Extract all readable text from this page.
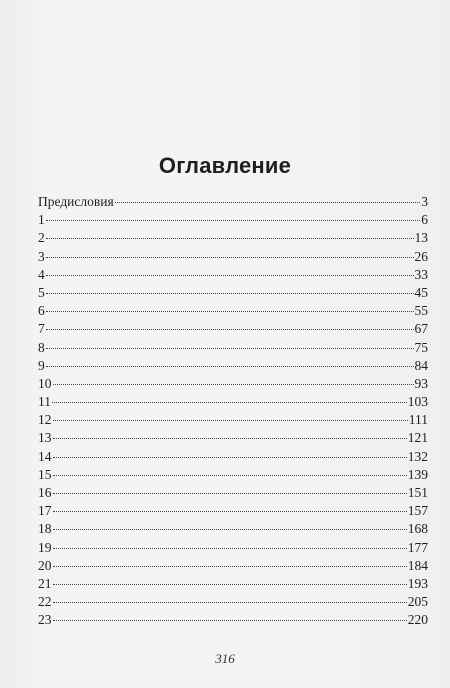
Оглавление
Предисловия	3
1	6
2	13
3	26
4	33
5	45
6	55
7	67
8	75
9	84
10	93
11	103
12	111
13	121
14	132
15	139
16	151
17	157
18	168
19	177
20	184
21	193
22	205
23	220
316
